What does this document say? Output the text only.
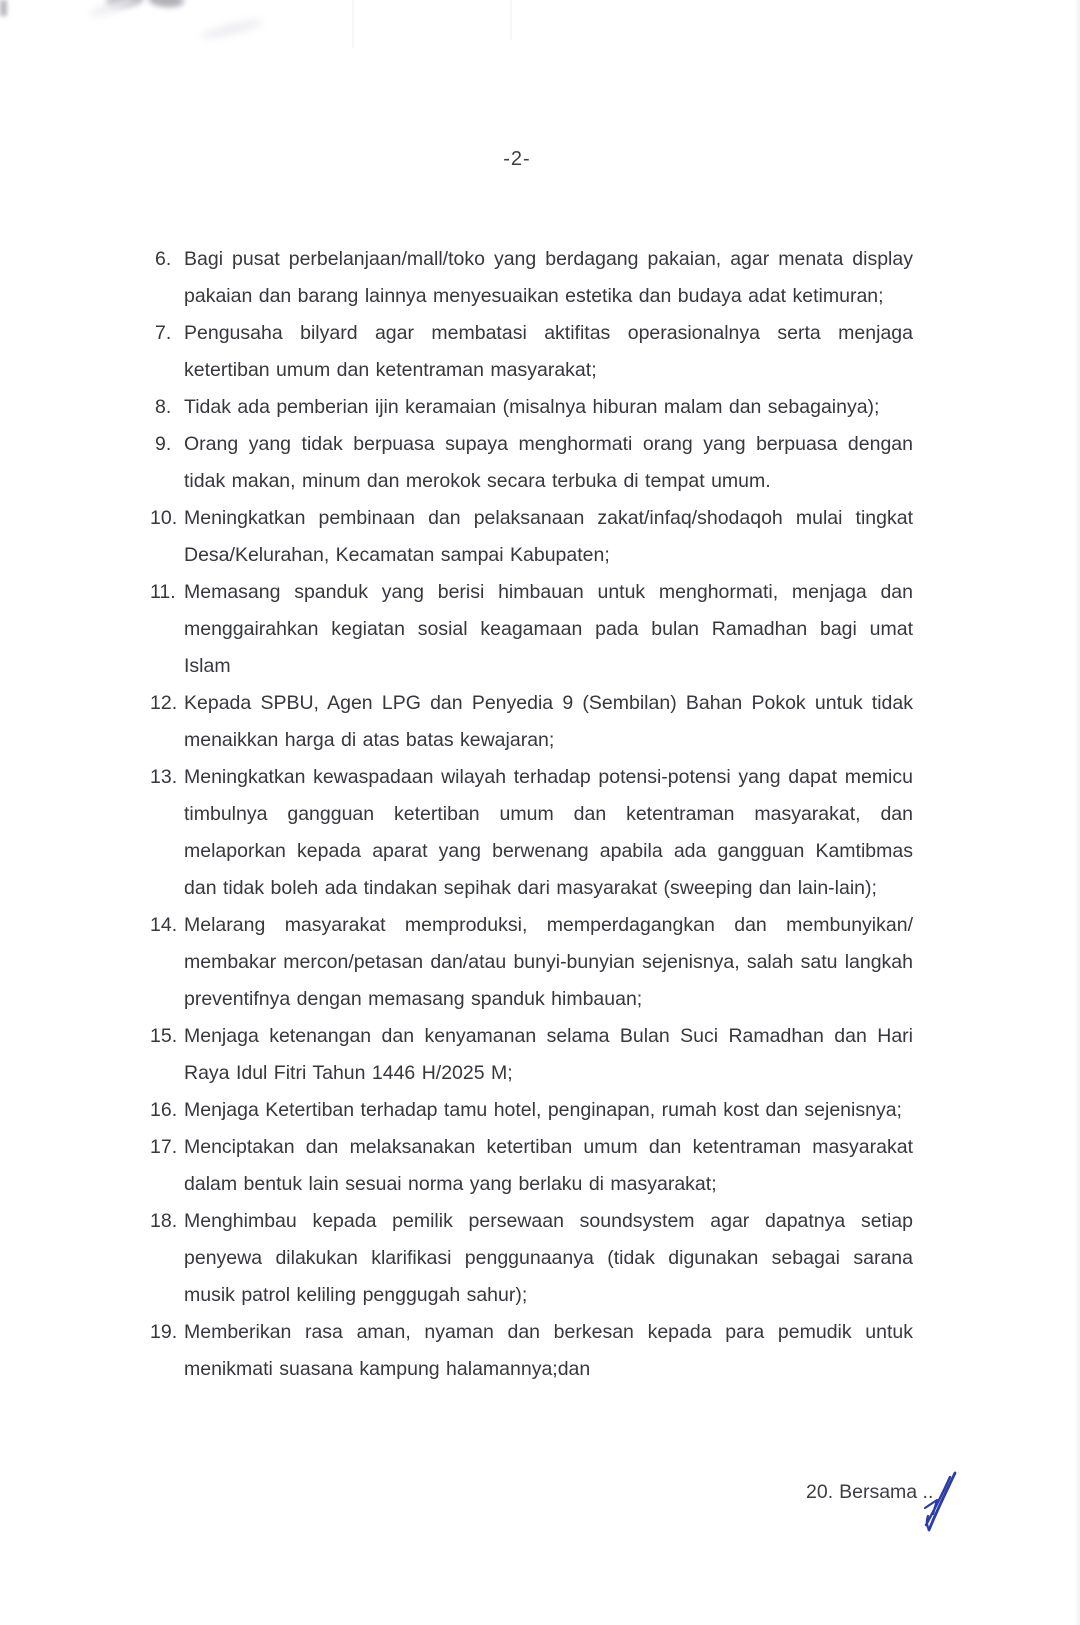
-2-
6. Bagi pusat perbelanjaan/mall/toko yang berdagang pakaian, agar menata display pakaian dan barang lainnya menyesuaikan estetika dan budaya adat ketimuran;
7. Pengusaha bilyard agar membatasi aktifitas operasionalnya serta menjaga ketertiban umum dan ketentraman masyarakat;
8. Tidak ada pemberian ijin keramaian (misalnya hiburan malam dan sebagainya);
9. Orang yang tidak berpuasa supaya menghormati orang yang berpuasa dengan tidak makan, minum dan merokok secara terbuka di tempat umum.
10. Meningkatkan pembinaan dan pelaksanaan zakat/infaq/shodaqoh mulai tingkat Desa/Kelurahan, Kecamatan sampai Kabupaten;
11. Memasang spanduk yang berisi himbauan untuk menghormati, menjaga dan menggairahkan kegiatan sosial keagamaan pada bulan Ramadhan bagi umat Islam
12. Kepada SPBU, Agen LPG dan Penyedia 9 (Sembilan) Bahan Pokok untuk tidak menaikkan harga di atas batas kewajaran;
13. Meningkatkan kewaspadaan wilayah terhadap potensi-potensi yang dapat memicu timbulnya gangguan ketertiban umum dan ketentraman masyarakat, dan melaporkan kepada aparat yang berwenang apabila ada gangguan Kamtibmas dan tidak boleh ada tindakan sepihak dari masyarakat (sweeping dan lain-lain);
14. Melarang masyarakat memproduksi, memperdagangkan dan membunyikan/ membakar mercon/petasan dan/atau bunyi-bunyian sejenisnya, salah satu langkah preventifnya dengan memasang spanduk himbauan;
15. Menjaga ketenangan dan kenyamanan selama Bulan Suci Ramadhan dan Hari Raya Idul Fitri Tahun 1446 H/2025 M;
16. Menjaga Ketertiban terhadap tamu hotel, penginapan, rumah kost dan sejenisnya;
17. Menciptakan dan melaksanakan ketertiban umum dan ketentraman masyarakat dalam bentuk lain sesuai norma yang berlaku di masyarakat;
18. Menghimbau kepada pemilik persewaan soundsystem agar dapatnya setiap penyewa dilakukan klarifikasi penggunaanya (tidak digunakan sebagai sarana musik patrol keliling penggugah sahur);
19. Memberikan rasa aman, nyaman dan berkesan kepada para pemudik untuk menikmati suasana kampung halamannya;dan
20. Bersama ..
